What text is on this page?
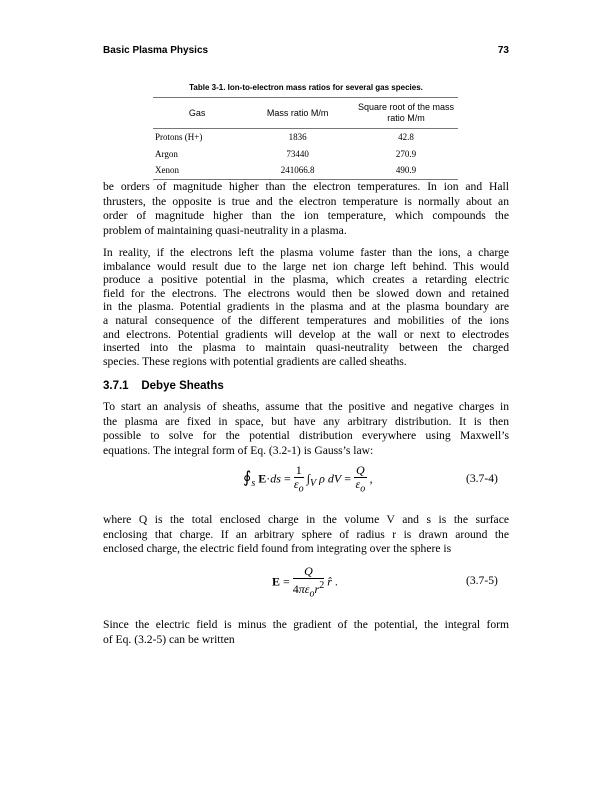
Basic Plasma Physics	73
Table 3-1. Ion-to-electron mass ratios for several gas species.
Gas	Mass ratio M/m	Square root of the mass ratio M/m
Protons (H+)	1836	42.8
Argon	73440	270.9
Xenon	241066.8	490.9
be orders of magnitude higher than the electron temperatures. In ion and Hall
thrusters, the opposite is true and the electron temperature is normally about an
order of magnitude higher than the ion temperature, which compounds the
problem of maintaining quasi-neutrality in a plasma.
In reality, if the electrons left the plasma volume faster than the ions, a charge
imbalance would result due to the large net ion charge left behind. This would
produce a positive potential in the plasma, which creates a retarding electric
field for the electrons. The electrons would then be slowed down and retained
in the plasma. Potential gradients in the plasma and at the plasma boundary are
a natural consequence of the different temperatures and mobilities of the ions
and electrons. Potential gradients will develop at the wall or next to electrodes
inserted into the plasma to maintain quasi-neutrality between the charged
species. These regions with potential gradients are called sheaths.
3.7.1    Debye Sheaths
To start an analysis of sheaths, assume that the positive and negative charges in
the plasma are fixed in space, but have any arbitrary distribution. It is then
possible to solve for the potential distribution everywhere using Maxwell’s
equations. The integral form of Eq. (3.2-1) is Gauss’s law:
$∮_s$ $E\cdot ds = \frac{1}{\varepsilon_o} \int_V$ ρ dV = $\frac{Q}{\varepsilon_o}$ ,	(3.7-4)
where Q is the total enclosed charge in the volume V and s is the surface
enclosing that charge. If an arbitrary sphere of radius r is drawn around the
enclosed charge, the electric field found from integrating over the sphere is
$E = \frac{Q}{4\pi\varepsilon_or^2}$ r̂ .	(3.7-5)
Since the electric field is minus the gradient of the potential, the integral form
of Eq. (3.2-5) can be written
